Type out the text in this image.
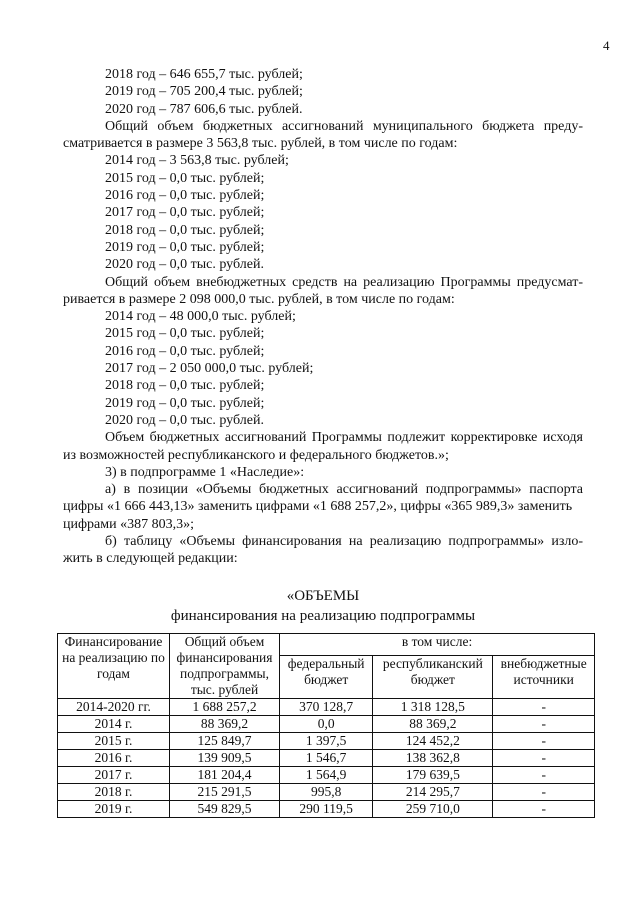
4
2018 год – 646 655,7 тыс. рублей;
2019 год – 705 200,4 тыс. рублей;
2020 год – 787 606,6 тыс. рублей.
Общий объем бюджетных ассигнований муниципального бюджета преду-
сматривается в размере 3 563,8 тыс. рублей, в том числе по годам:
2014 год – 3 563,8 тыс. рублей;
2015 год – 0,0 тыс. рублей;
2016 год – 0,0 тыс. рублей;
2017 год – 0,0 тыс. рублей;
2018 год – 0,0 тыс. рублей;
2019 год – 0,0 тыс. рублей;
2020 год – 0,0 тыс. рублей.
Общий объем внебюджетных средств на реализацию Программы предусмат-
ривается в размере 2 098 000,0 тыс. рублей, в том числе по годам:
2014 год – 48 000,0 тыс. рублей;
2015 год – 0,0 тыс. рублей;
2016 год – 0,0 тыс. рублей;
2017 год – 2 050 000,0 тыс. рублей;
2018 год – 0,0 тыс. рублей;
2019 год – 0,0 тыс. рублей;
2020 год – 0,0 тыс. рублей.
Объем бюджетных ассигнований Программы подлежит корректировке исходя
из возможностей республиканского и федерального бюджетов.»;
3) в подпрограмме 1 «Наследие»:
а) в позиции «Объемы бюджетных ассигнований подпрограммы» паспорта
цифры «1 666 443,13» заменить цифрами «1 688 257,2», цифры «365 989,3» заменить
цифрами «387 803,3»;
б) таблицу «Объемы финансирования на реализацию подпрограммы» изло-
жить в следующей редакции:
«ОБЪЕМЫ
финансирования на реализацию подпрограммы
Финансирование на реализацию по годам	Общий объем финансирования подпрограммы, тыс. рублей	в том числе:		
		федеральный бюджет	республиканский бюджет	внебюджетные источники
2014-2020 гг.	1 688 257,2	370 128,7	1 318 128,5	-
2014 г.	88 369,2	0,0	88 369,2	-
2015 г.	125 849,7	1 397,5	124 452,2	-
2016 г.	139 909,5	1 546,7	138 362,8	-
2017 г.	181 204,4	1 564,9	179 639,5	-
2018 г.	215 291,5	995,8	214 295,7	-
2019 г.	549 829,5	290 119,5	259 710,0	-
